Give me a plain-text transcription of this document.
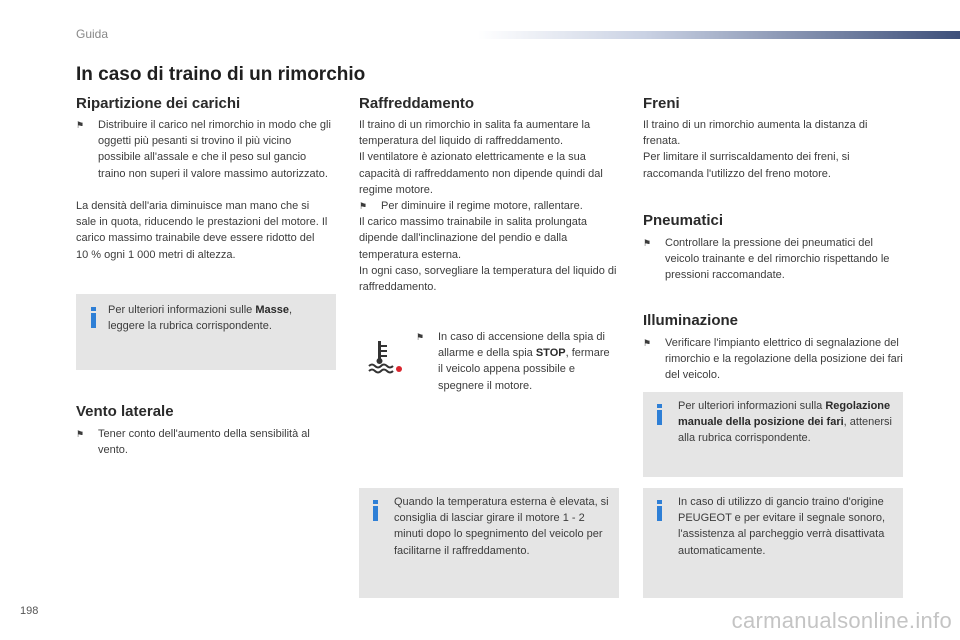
Guida
In caso di traino di un rimorchio
Ripartizione dei carichi
⚑ Distribuire il carico nel rimorchio in modo che gli oggetti più pesanti si trovino il più vicino possibile all'assale e che il peso sul gancio traino non superi il valore massimo autorizzato.
La densità dell'aria diminuisce man mano che si sale in quota, riducendo le prestazioni del motore. Il carico massimo trainabile deve essere ridotto del 10 % ogni 1 000 metri di altezza.
Per ulteriori informazioni sulle Masse, leggere la rubrica corrispondente.
Vento laterale
⚑ Tener conto dell'aumento della sensibilità al vento.
Raffreddamento
Il traino di un rimorchio in salita fa aumentare la temperatura del liquido di raffreddamento.
Il ventilatore è azionato elettricamente e la sua capacità di raffreddamento non dipende quindi dal regime motore.
⚑ Per diminuire il regime motore, rallentare.
Il carico massimo trainabile in salita prolungata dipende dall'inclinazione del pendio e dalla temperatura esterna.
In ogni caso, sorvegliare la temperatura del liquido di raffreddamento.
⚑ In caso di accensione della spia di allarme e della spia STOP, fermare il veicolo appena possibile e spegnere il motore.
Quando la temperatura esterna è elevata, si consiglia di lasciar girare il motore 1 - 2 minuti dopo lo spegnimento del veicolo per facilitarne il raffreddamento.
Freni
Il traino di un rimorchio aumenta la distanza di frenata.
Per limitare il surriscaldamento dei freni, si raccomanda l'utilizzo del freno motore.
Pneumatici
⚑ Controllare la pressione dei pneumatici del veicolo trainante e del rimorchio rispettando le pressioni raccomandate.
Illuminazione
⚑ Verificare l'impianto elettrico di segnalazione del rimorchio e la regolazione della posizione dei fari del veicolo.
Per ulteriori informazioni sulla Regolazione manuale della posizione dei fari, attenersi alla rubrica corrispondente.
In caso di utilizzo di gancio traino d'origine PEUGEOT e per evitare il segnale sonoro, l'assistenza al parcheggio verrà disattivata automaticamente.
198	carmanualsonline.info
